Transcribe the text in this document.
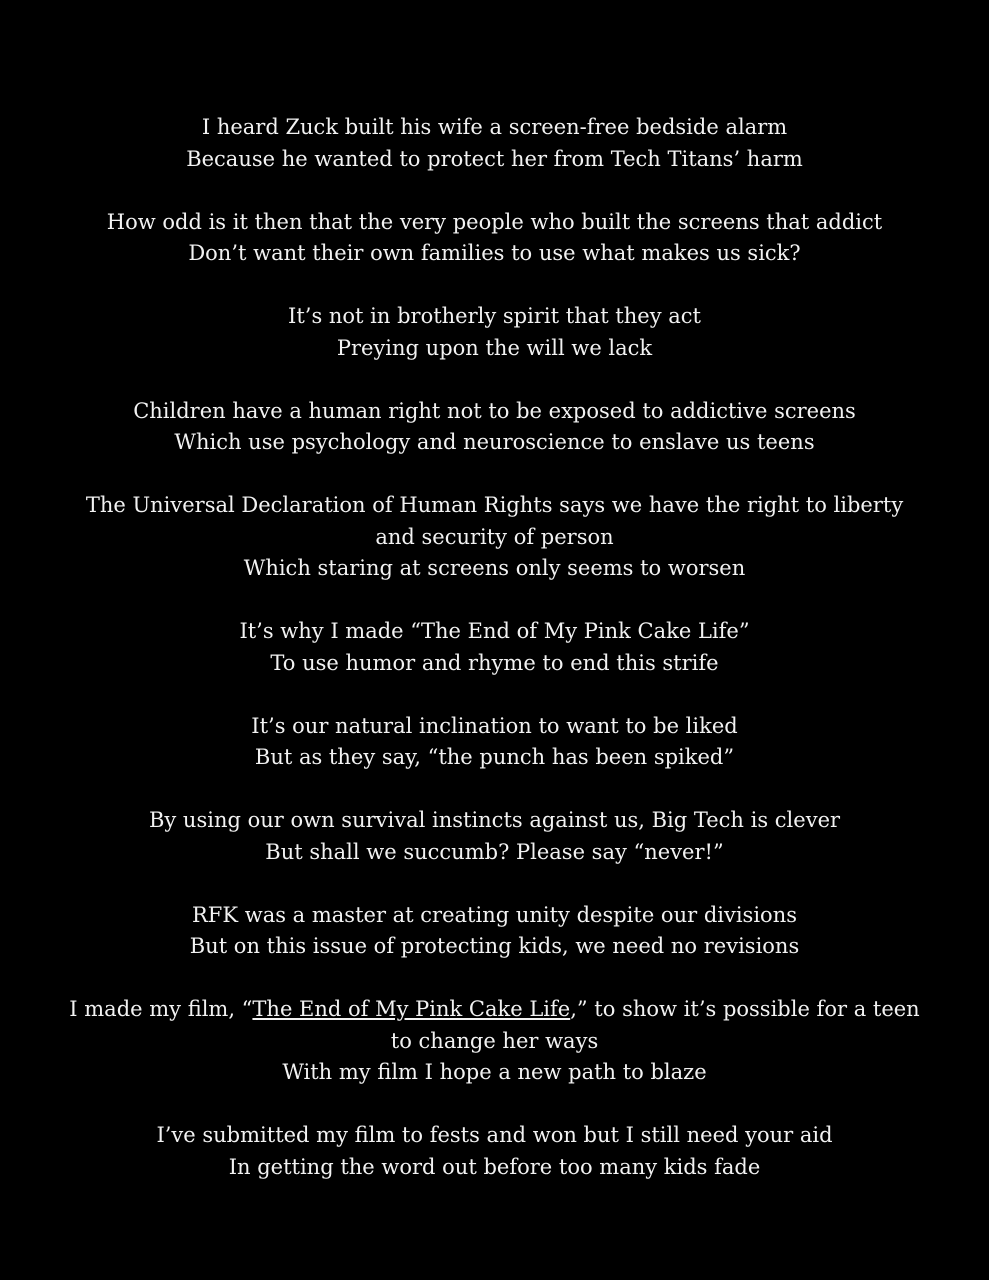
I heard Zuck built his wife a screen-free bedside alarm
Because he wanted to protect her from Tech Titans’ harm
How odd is it then that the very people who built the screens that addict
Don’t want their own families to use what makes us sick?
It’s not in brotherly spirit that they act
Preying upon the will we lack
Children have a human right not to be exposed to addictive screens
Which use psychology and neuroscience to enslave us teens
The Universal Declaration of Human Rights says we have the right to liberty
and security of person
Which staring at screens only seems to worsen
It’s why I made “The End of My Pink Cake Life”
To use humor and rhyme to end this strife
It’s our natural inclination to want to be liked
But as they say, “the punch has been spiked”
By using our own survival instincts against us, Big Tech is clever
But shall we succumb? Please say “never!”
RFK was a master at creating unity despite our divisions
But on this issue of protecting kids, we need no revisions
I made my film, “The End of My Pink Cake Life,” to show it’s possible for a teen
to change her ways
With my film I hope a new path to blaze
I’ve submitted my film to fests and won but I still need your aid
In getting the word out before too many kids fade
